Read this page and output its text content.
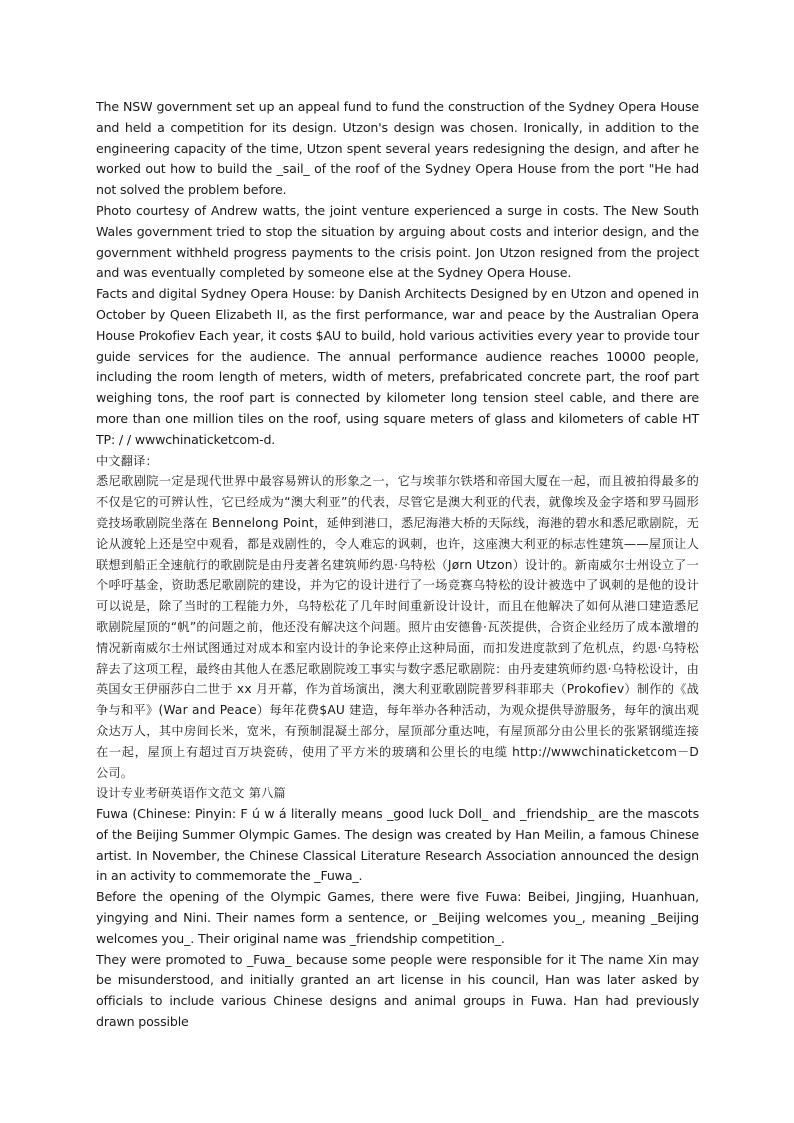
The NSW government set up an appeal fund to fund the construction of the Sydney Opera House and held a competition for its design. Utzon's design was chosen. Ironically, in addition to the engineering capacity of the time, Utzon spent several years redesigning the design, and after he worked out how to build the _sail_ of the roof of the Sydney Opera House from the port "He had not solved the problem before.

Photo courtesy of Andrew watts, the joint venture experienced a surge in costs. The New South Wales government tried to stop the situation by arguing about costs and interior design, and the government withheld progress payments to the crisis point. Jon Utzon resigned from the project and was eventually completed by someone else at the Sydney Opera House.

Facts and digital Sydney Opera House: by Danish Architects Designed by en Utzon and opened in October by Queen Elizabeth II, as the first performance, war and peace by the Australian Opera House Prokofiev Each year, it costs $AU to build, hold various activities every year to provide tour guide services for the audience. The annual performance audience reaches 10000 people, including the room length of meters, width of meters, prefabricated concrete part, the roof part weighing tons, the roof part is connected by kilometer long tension steel cable, and there are more than one million tiles on the roof, using square meters of glass and kilometers of cable HT TP: / / wwwchinaticketcom-d.

中文翻译：

悉尼歌剧院一定是现代世界中最容易辨认的形象之一，它与埃菲尔铁塔和帝国大厦在一起，而且被拍得最多的不仅是它的可辨认性，它已经成为“澳大利亚”的代表，尽管它是澳大利亚的代表，就像埃及金字塔和罗马圆形竞技场歌剧院坐落在 Bennelong Point，延伸到港口，悉尼海港大桥的天际线，海港的碧水和悉尼歌剧院，无论从渡轮上还是空中观看，都是戏剧性的，令人难忘的讽刺，也许，这座澳大利亚的标志性建筑——屋顶让人联想到船正全速航行的歌剧院是由丹麦著名建筑师约恩·乌特松（Jørn Utzon）设计的。新南威尔士州设立了一个呼吁基金，资助悉尼歌剧院的建设，并为它的设计进行了一场竞赛乌特松的设计被选中了讽刺的是他的设计可以说是，除了当时的工程能力外，乌特松花了几年时间重新设计设计，而且在他解决了如何从港口建造悉尼歌剧院屋顶的“帆”的问题之前，他还没有解决这个问题。照片由安德鲁·瓦茨提供，合资企业经历了成本激增的情况新南威尔士州试图通过对成本和室内设计的争论来停止这种局面，而扣发进度款到了危机点，约恩·乌特松辞去了这项工程，最终由其他人在悉尼歌剧院竣工事实与数字悉尼歌剧院：由丹麦建筑师约恩·乌特松设计，由英国女王伊丽莎白二世于 xx 月开幕，作为首场演出，澳大利亚歌剧院普罗科菲耶夫（Prokofiev）制作的《战争与和平》(War and Peace）每年花费$AU 建造，每年举办各种活动，为观众提供导游服务，每年的演出观众达万人，其中房间长米，宽米，有预制混凝土部分，屋顶部分重达吨，有屋顶部分由公里长的张紧钢缆连接在一起，屋顶上有超过百万块瓷砖，使用了平方米的玻璃和公里长的电缆 http://wwwchinaticketcom－D 公司。

设计专业考研英语作文范文 第八篇

Fuwa (Chinese: Pinyin: F ú w á literally means _good luck Doll_ and _friendship_ are the mascots of the Beijing Summer Olympic Games. The design was created by Han Meilin, a famous Chinese artist. In November, the Chinese Classical Literature Research Association announced the design in an activity to commemorate the _Fuwa_.

Before the opening of the Olympic Games, there were five Fuwa: Beibei, Jingjing, Huanhuan, yingying and Nini. Their names form a sentence, or _Beijing welcomes you_, meaning _Beijing welcomes you_. Their original name was _friendship competition_.

They were promoted to _Fuwa_ because some people were responsible for it The name Xin may be misunderstood, and initially granted an art license in his council, Han was later asked by officials to include various Chinese designs and animal groups in Fuwa. Han had previously drawn possible
